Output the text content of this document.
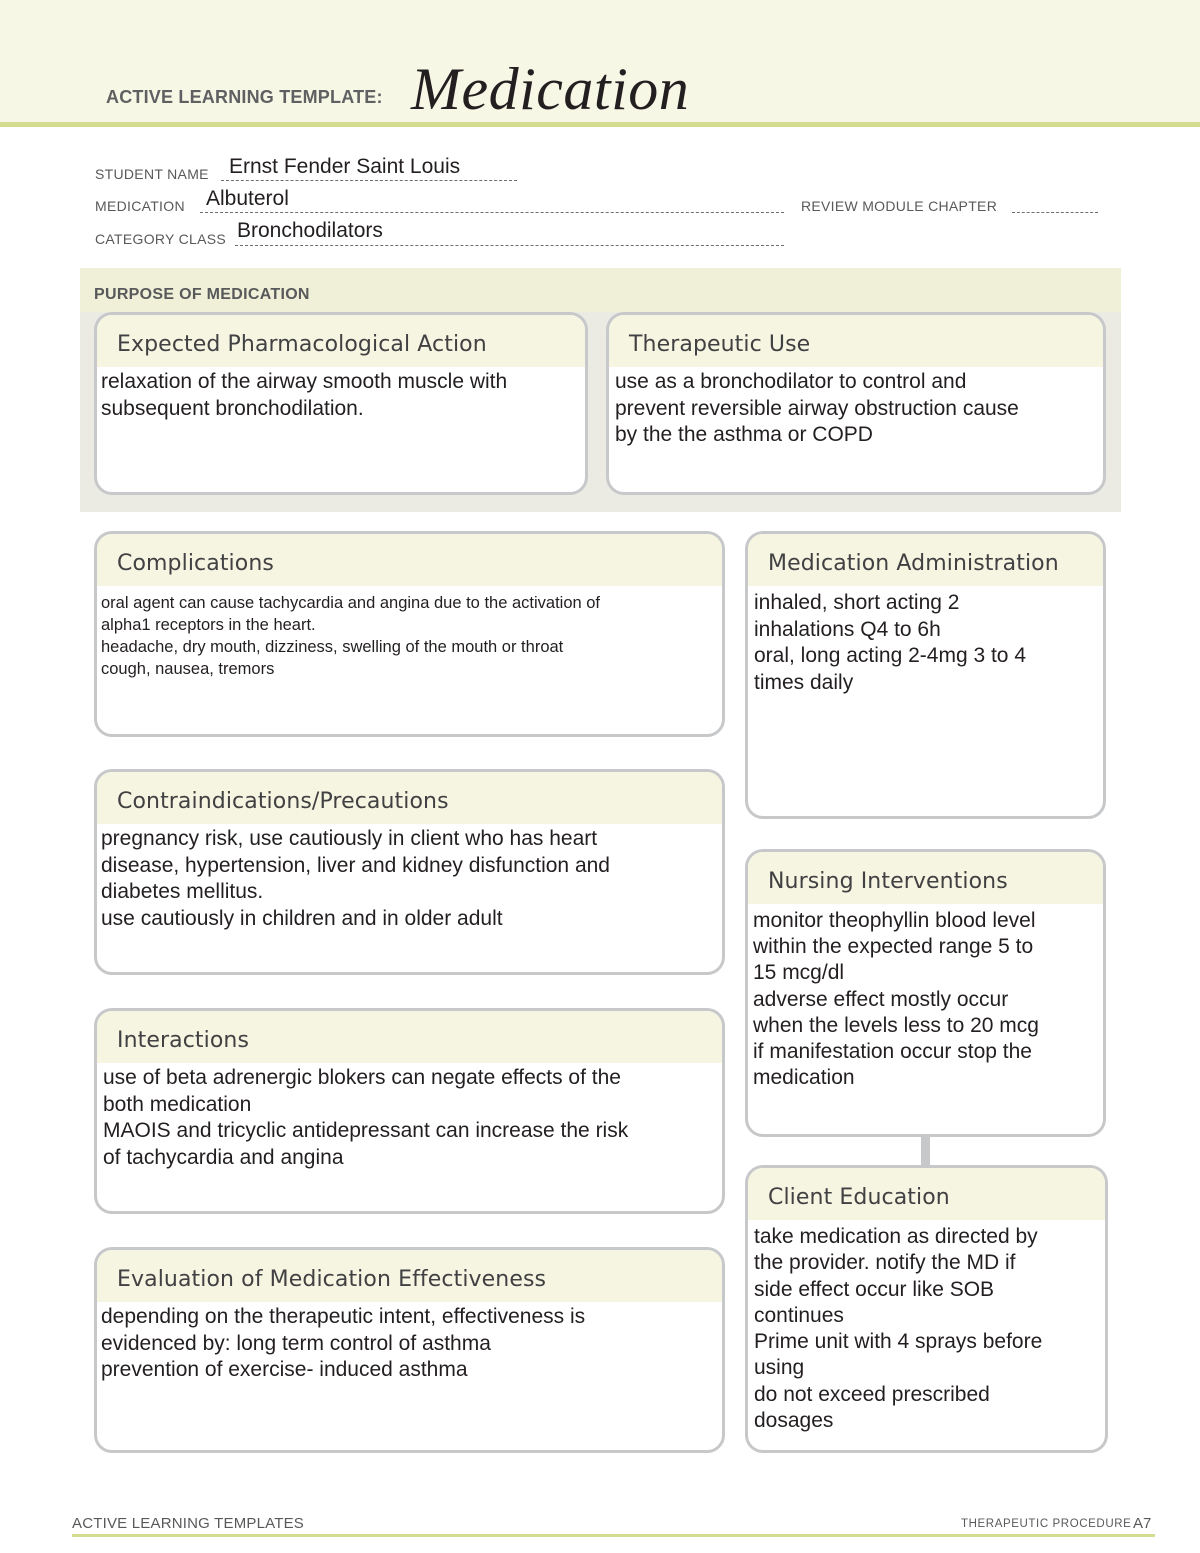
ACTIVE LEARNING TEMPLATE: Medication
STUDENT NAME Ernst Fender Saint Louis
MEDICATION Albuterol	REVIEW MODULE CHAPTER
CATEGORY CLASS Bronchodilators
PURPOSE OF MEDICATION
Expected Pharmacological Action
relaxation of the airway smooth muscle with
subsequent bronchodilation.
Therapeutic Use
use as a bronchodilator to control and
prevent reversible airway obstruction cause
by the the asthma or COPD
Complications
oral agent can cause tachycardia and angina due to the activation of
alpha1 receptors in the heart.
headache, dry mouth, dizziness, swelling of the mouth or throat
cough, nausea, tremors
Contraindications/Precautions
pregnancy risk, use cautiously in client who has heart
disease, hypertension, liver and kidney disfunction and
diabetes mellitus.
use cautiously in children and in older adult
Interactions
use of beta adrenergic blokers can negate effects of the
both medication
MAOIS and tricyclic antidepressant can increase the risk
of tachycardia and angina
Evaluation of Medication Effectiveness
depending on the therapeutic intent, effectiveness is
evidenced by: long term control of asthma
prevention of exercise- induced asthma
Medication Administration
inhaled, short acting 2
inhalations Q4 to 6h
oral, long acting 2-4mg 3 to 4
times daily
Nursing Interventions
monitor theophyllin blood level
within the expected range 5 to
15 mcg/dl
adverse effect mostly occur
when the levels less to 20 mcg
if manifestation occur stop the
medication
Client Education
take medication as directed by
the provider. notify the MD if
side effect occur like SOB
continues
Prime unit with 4 sprays before
using
do not exceed prescribed
dosages
ACTIVE LEARNING TEMPLATES	THERAPEUTIC PROCEDURE A7
